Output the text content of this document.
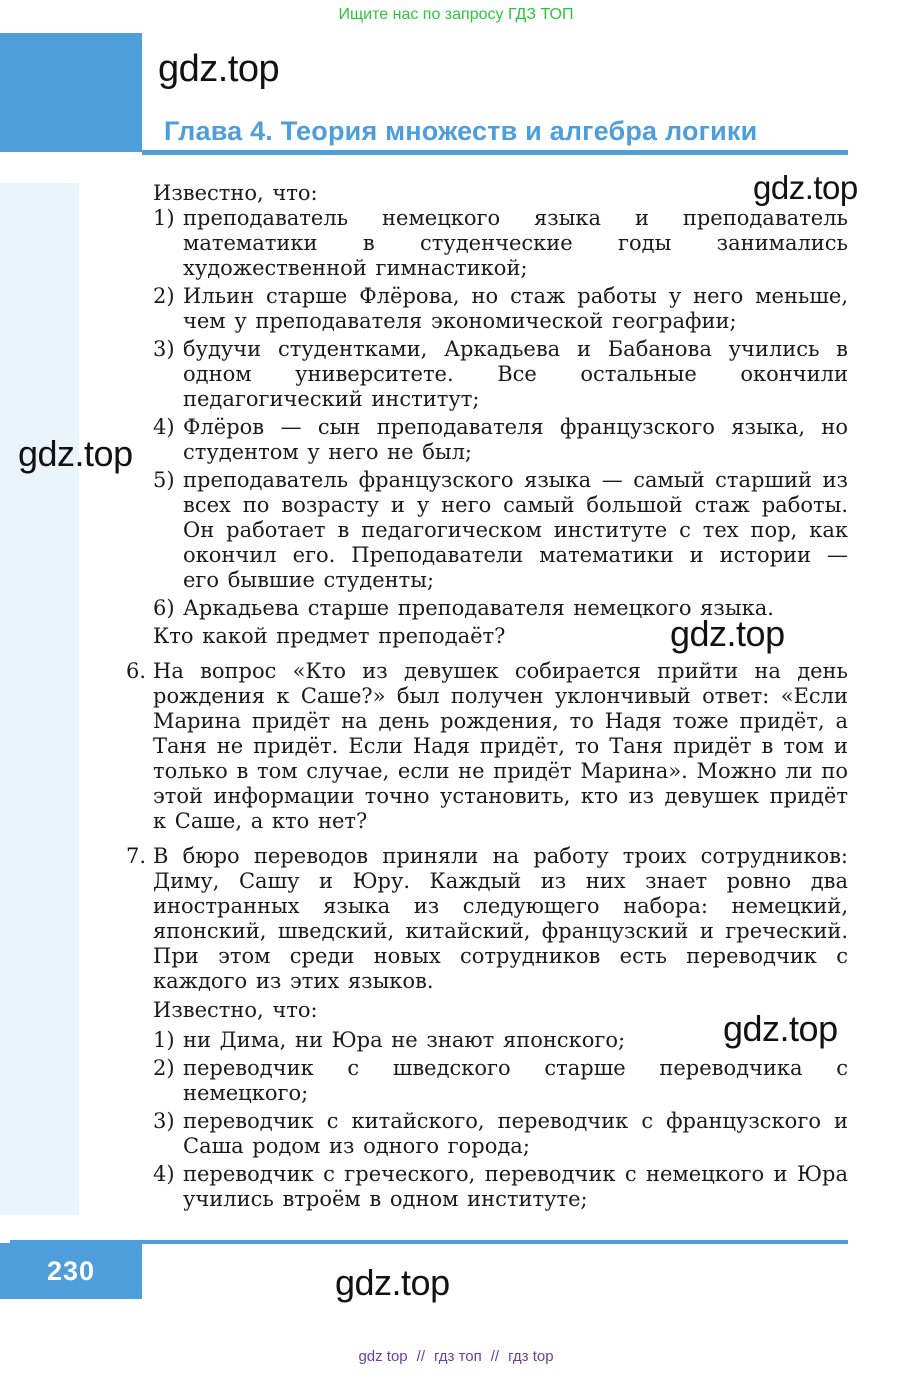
Ищите нас по запросу ГДЗ ТОП
gdz.top
Глава 4. Теория множеств и алгебра логики
gdz.top
gdz.top
gdz.top
gdz.top

Известно, что:

1) преподаватель немецкого языка и преподаватель математики в студенческие годы занимались художественной гимнастикой;
2) Ильин старше Флёрова, но стаж работы у него меньше, чем у преподавателя экономической географии;
3) будучи студентками, Аркадьева и Бабанова учились в одном университете. Все остальные окончили педагогический институт;
4) Флёров — сын преподавателя французского языка, но студентом у него не был;
5) преподаватель французского языка — самый старший из всех по возрасту и у него самый большой стаж работы. Он работает в педагогическом институте с тех пор, как окончил его. Преподаватели математики и истории — его бывшие студенты;
6) Аркадьева старше преподавателя немецкого языка.

Кто какой предмет преподаёт?

6. На вопрос «Кто из девушек собирается прийти на день рождения к Саше?» был получен уклончивый ответ: «Если Марина придёт на день рождения, то Надя тоже придёт, а Таня не придёт. Если Надя придёт, то Таня придёт в том и только в том случае, если не придёт Марина». Можно ли по этой информации точно установить, кто из девушек придёт к Саше, а кто нет?

7. В бюро переводов приняли на работу троих сотрудников: Диму, Сашу и Юру. Каждый из них знает ровно два иностранных языка из следующего набора: немецкий, японский, шведский, китайский, французский и греческий. При этом среди новых сотрудников есть переводчик с каждого из этих языков.

Известно, что:

1) ни Дима, ни Юра не знают японского;
2) переводчик с шведского старше переводчика с немецкого;
3) переводчик с китайского, переводчик с французского и Саша родом из одного города;
4) переводчик с греческого, переводчик с немецкого и Юра учились втроём в одном институте;
230	gdz.top
gdz top // гдз топ // гдз top
